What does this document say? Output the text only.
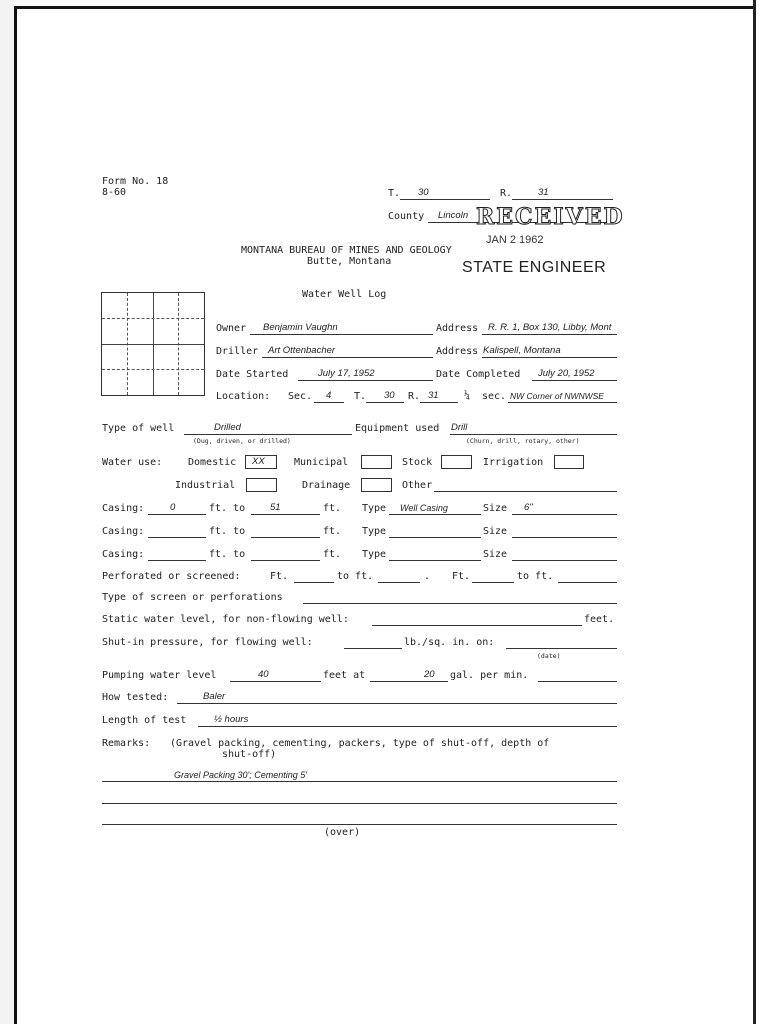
Form No. 18
8-60	T. 30	R.	31
County Lincoln RECEIVED
JAN 2 1962
STATE ENGINEER
MONTANA BUREAU OF MINES AND GEOLOGY
Butte, Montana
Water Well Log
Owner Benjamin Vaughn	Address R. R. 1, Box 130, Libby, Mont
Driller Art Ottenbacher	Address Kalispell, Montana
Date Started	July 17, 1952	Date Completed July 20, 1952
Location: Sec. 4 T. 30 R. 31	¼ sec. NW Corner of NWNWSE
Type of well	Drilled
(Dug, driven, or drilled)
Equipment used Drill
(Churn, drill, rotary, other)
Water use:	Domestic XX	Municipal	Stock	Irrigation
Industrial	Drainage	Other
Casing:	0	ft. to	51	ft. Type Well Casing	Size 6"
Casing:	ft. to	ft. Type	Size
Casing:	ft. to	ft. Type	Size
Perforated or screened:	Ft.	to ft.	. Ft.	to ft.
Type of screen or perforations
Static water level, for non-flowing well:	feet.
Shut-in pressure, for flowing well:	lb./sq. in. on:
(date)
Pumping water level	40	feet at	20 gal. per min.
How tested:	Baler
Length of test	½ hours
Remarks: (Gravel packing, cementing, packers, type of shut-off, depth of
shut-off)
Gravel Packing 30'; Cementing 5'
(over)
